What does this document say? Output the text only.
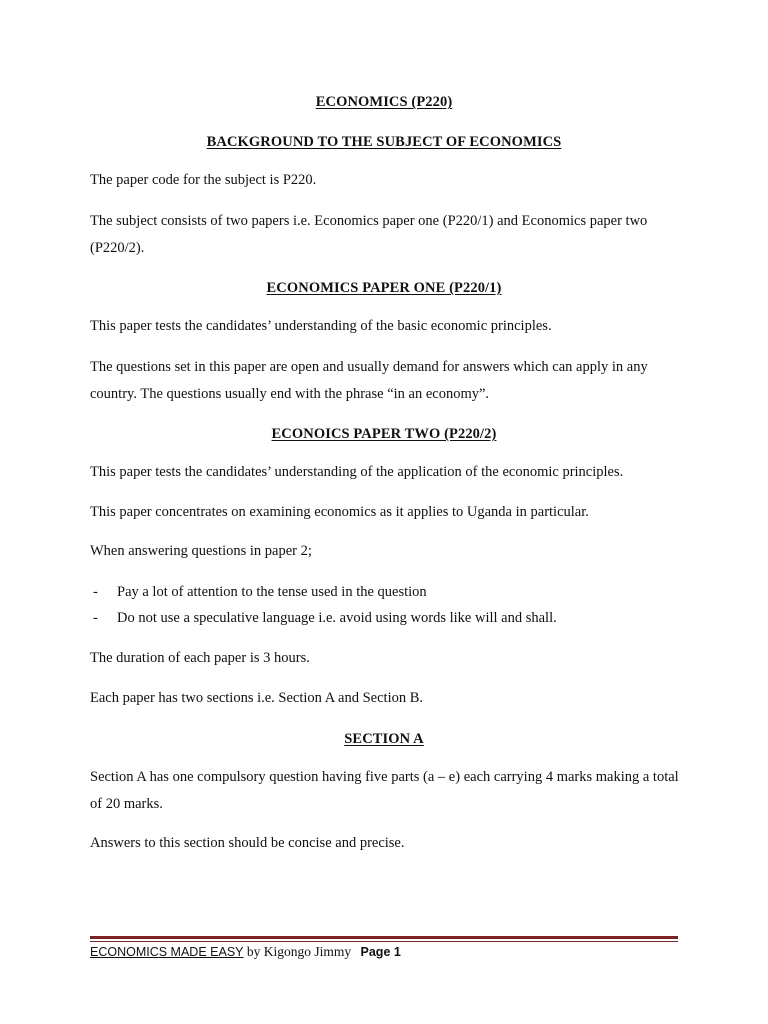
ECONOMICS (P220)
BACKGROUND TO THE SUBJECT OF ECONOMICS
The paper code for the subject is P220.
The subject consists of two papers i.e. Economics paper one (P220/1) and Economics paper two (P220/2).
ECONOMICS PAPER ONE (P220/1)
This paper tests the candidates’ understanding of the basic economic principles.
The questions set in this paper are open and usually demand for answers which can apply in any country. The questions usually end with the phrase “in an economy”.
ECONOICS PAPER TWO (P220/2)
This paper tests the candidates’ understanding of the application of the economic principles.
This paper concentrates on examining economics as it applies to Uganda in particular.
When answering questions in paper 2;
- Pay a lot of attention to the tense used in the question
- Do not use a speculative language i.e. avoid using words like will and shall.
The duration of each paper is 3 hours.
Each paper has two sections i.e. Section A and Section B.
SECTION A
Section A has one compulsory question having five parts (a – e) each carrying 4 marks making a total of 20 marks.
Answers to this section should be concise and precise.
ECONOMICS MADE EASY by Kigongo Jimmy Page 1
